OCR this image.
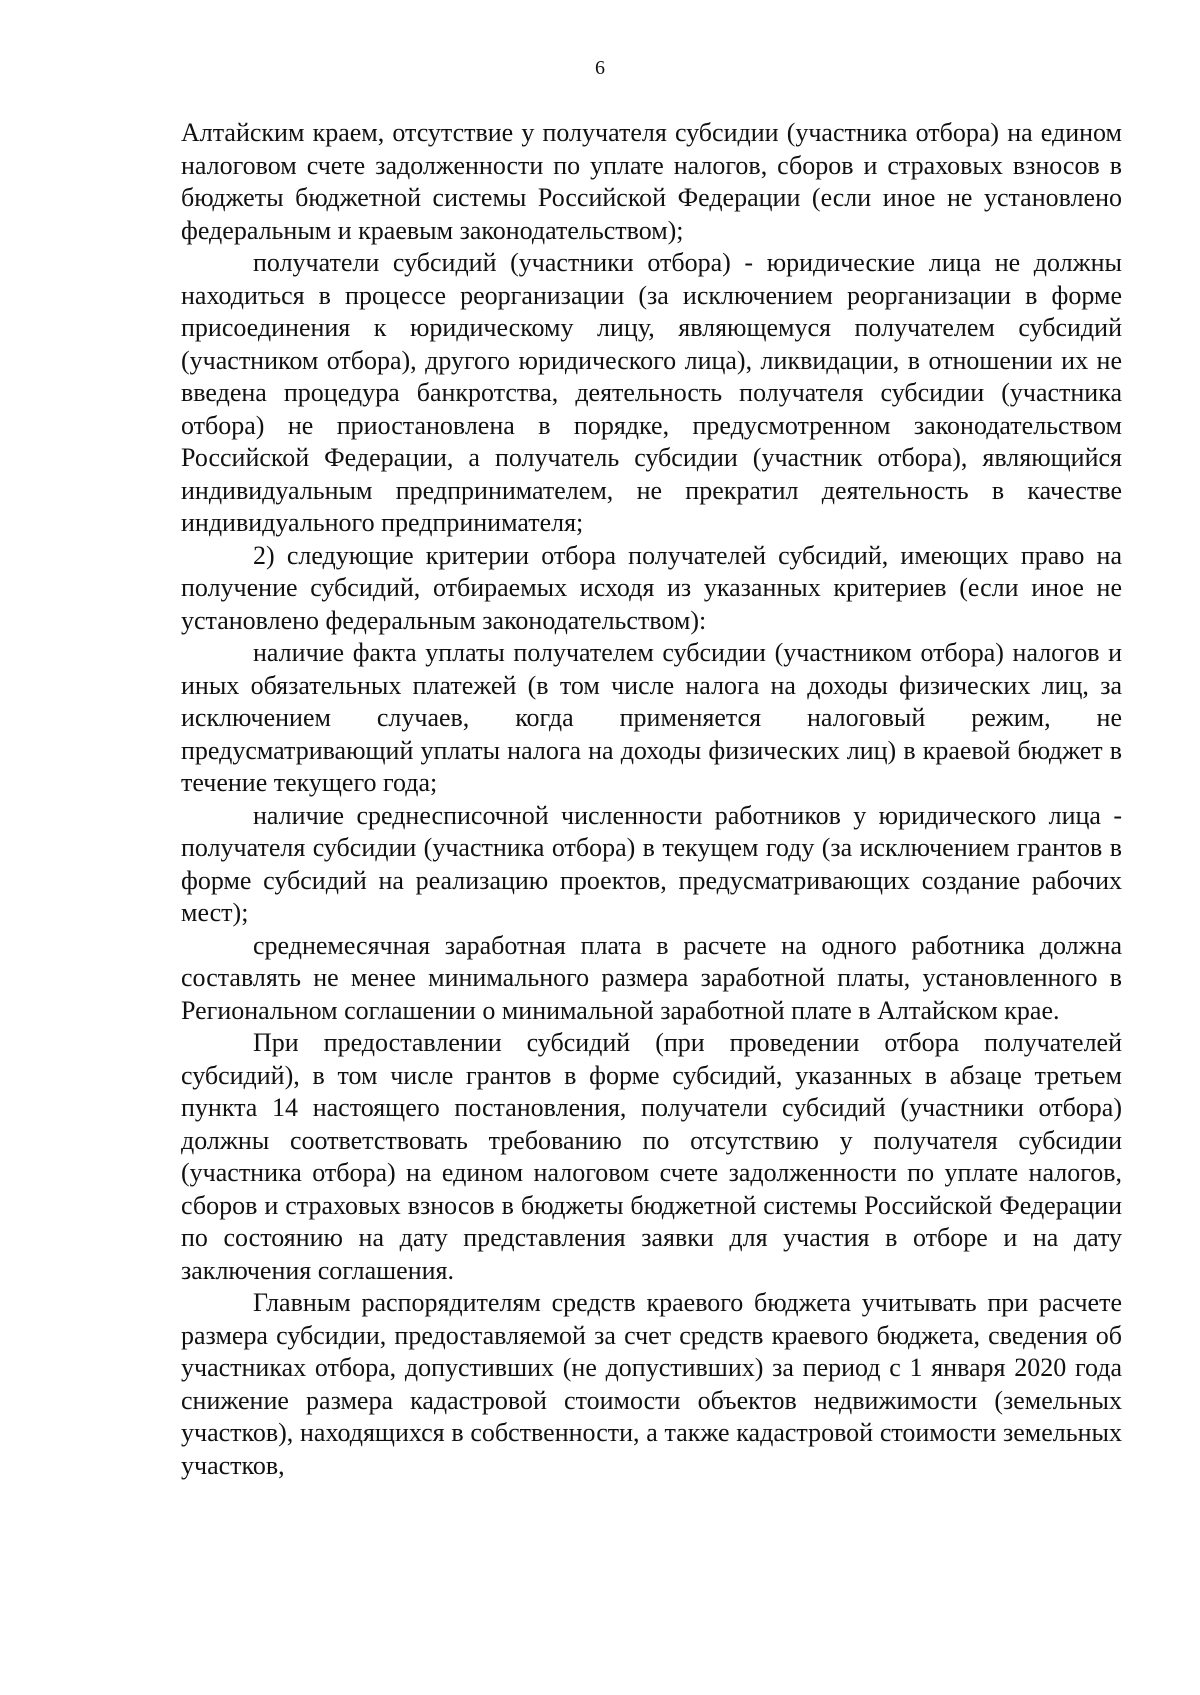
6

Алтайским краем, отсутствие у получателя субсидии (участника отбора) на едином налоговом счете задолженности по уплате налогов, сборов и страховых взносов в бюджеты бюджетной системы Российской Федерации (если иное не установлено федеральным и краевым законодательством);

получатели субсидий (участники отбора) - юридические лица не должны находиться в процессе реорганизации (за исключением реорганизации в форме присоединения к юридическому лицу, являющемуся получателем субсидий (участником отбора), другого юридического лица), ликвидации, в отношении их не введена процедура банкротства, деятельность получателя субсидии (участника отбора) не приостановлена в порядке, предусмотренном законодательством Российской Федерации, а получатель субсидии (участник отбора), являющийся индивидуальным предпринимателем, не прекратил деятельность в качестве индивидуального предпринимателя;

2) следующие критерии отбора получателей субсидий, имеющих право на получение субсидий, отбираемых исходя из указанных критериев (если иное не установлено федеральным законодательством):

наличие факта уплаты получателем субсидии (участником отбора) налогов и иных обязательных платежей (в том числе налога на доходы физических лиц, за исключением случаев, когда применяется налоговый режим, не предусматривающий уплаты налога на доходы физических лиц) в краевой бюджет в течение текущего года;

наличие среднесписочной численности работников у юридического лица - получателя субсидии (участника отбора) в текущем году (за исключением грантов в форме субсидий на реализацию проектов, предусматривающих создание рабочих мест);

среднемесячная заработная плата в расчете на одного работника должна составлять не менее минимального размера заработной платы, установленного в Региональном соглашении о минимальной заработной плате в Алтайском крае.

При предоставлении субсидий (при проведении отбора получателей субсидий), в том числе грантов в форме субсидий, указанных в абзаце третьем пункта 14 настоящего постановления, получатели субсидий (участники отбора) должны соответствовать требованию по отсутствию у получателя субсидии (участника отбора) на едином налоговом счете задолженности по уплате налогов, сборов и страховых взносов в бюджеты бюджетной системы Российской Федерации по состоянию на дату представления заявки для участия в отборе и на дату заключения соглашения.

Главным распорядителям средств краевого бюджета учитывать при расчете размера субсидии, предоставляемой за счет средств краевого бюджета, сведения об участниках отбора, допустивших (не допустивших) за период с 1 января 2020 года снижение размера кадастровой стоимости объектов недвижимости (земельных участков), находящихся в собственности, а также кадастровой стоимости земельных участков,
